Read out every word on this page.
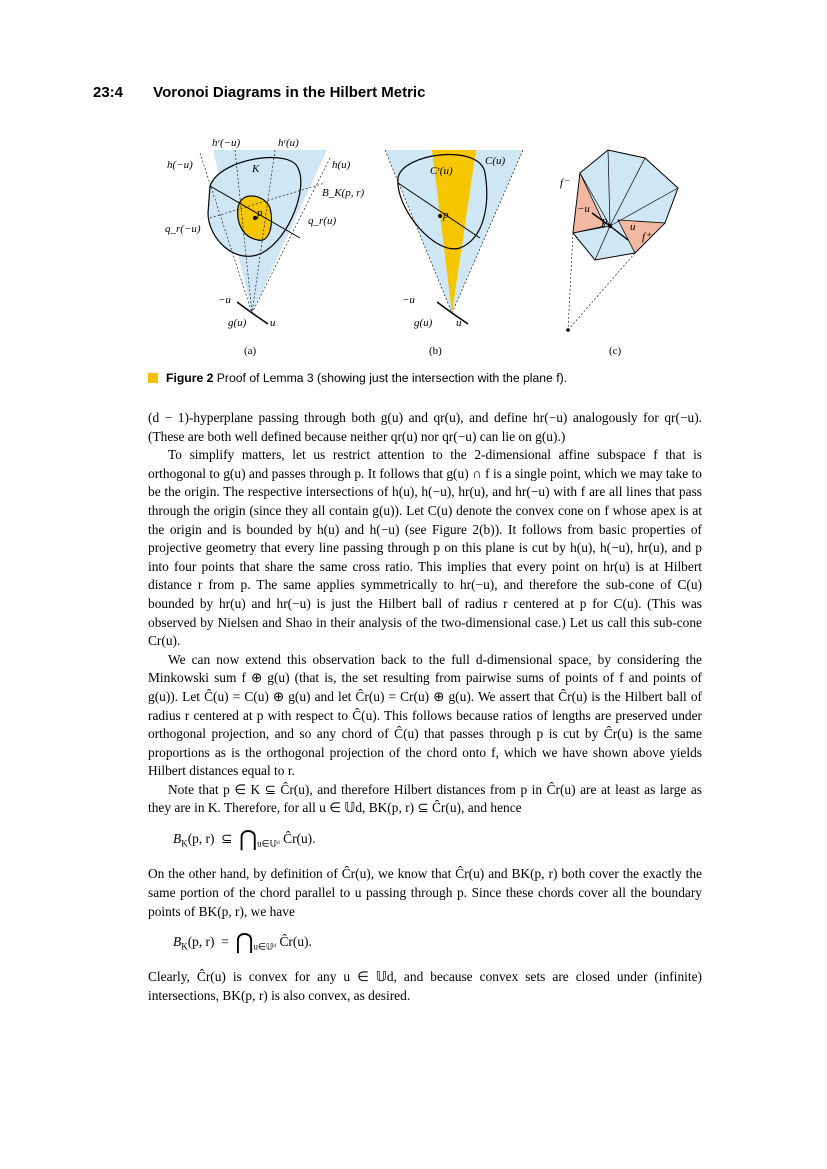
23:4 Voronoi Diagrams in the Hilbert Metric
hʳ(−u)	hʳ(u)
h(−u)	h(u)
K
B_K(p, r)
p
q_r(u)
q_r(−u)
−u
g(u) u
(a)
Cʳ(u)
C(u)
p
−u
g(u) u
(b)
f⁻
f⁺
−u
p u
(c)
Figure 2 Proof of Lemma 3 (showing just the intersection with the plane f).

(d − 1)-hyperplane passing through both g(u) and qr(u), and define hr(−u) analogously for qr(−u). (These are both well defined because neither qr(u) nor qr(−u) can lie on g(u).)

To simplify matters, let us restrict attention to the 2-dimensional affine subspace f that is orthogonal to g(u) and passes through p. It follows that g(u) ∩ f is a single point, which we may take to be the origin. The respective intersections of h(u), h(−u), hr(u), and hr(−u) with f are all lines that pass through the origin (since they all contain g(u)). Let C(u) denote the convex cone on f whose apex is at the origin and is bounded by h(u) and h(−u) (see Figure 2(b)). It follows from basic properties of projective geometry that every line passing through p on this plane is cut by h(u), h(−u), hr(u), and p into four points that share the same cross ratio. This implies that every point on hr(u) is at Hilbert distance r from p. The same applies symmetrically to hr(−u), and therefore the sub-cone of C(u) bounded by hr(u) and hr(−u) is just the Hilbert ball of radius r centered at p for C(u). (This was observed by Nielsen and Shao in their analysis of the two-dimensional case.) Let us call this sub-cone Cr(u).

We can now extend this observation back to the full d-dimensional space, by considering the Minkowski sum f ⊕ g(u) (that is, the set resulting from pairwise sums of points of f and points of g(u)). Let Ĉ(u) = C(u) ⊕ g(u) and let Ĉr(u) = Cr(u) ⊕ g(u). We assert that Ĉr(u) is the Hilbert ball of radius r centered at p with respect to Ĉ(u). This follows because ratios of lengths are preserved under orthogonal projection, and so any chord of Ĉ(u) that passes through p is cut by Ĉr(u) is the same proportions as is the orthogonal projection of the chord onto f, which we have shown above yields Hilbert distances equal to r.

Note that p ∈ K ⊆ Ĉr(u), and therefore Hilbert distances from p in Ĉr(u) are at least as large as they are in K. Therefore, for all u ∈ 𝕌d, BK(p, r) ⊆ Ĉr(u), and hence

$B_K(p$, r) ⊆ $⋂_{u\in 𝕌ᵈ}$ Ĉr(u).

On the other hand, by definition of Ĉr(u), we know that Ĉr(u) and BK(p, r) both cover the exactly the same portion of the chord parallel to u passing through p. Since these chords cover all the boundary points of BK(p, r), we have

$B_K(p$, $r) = ⋂_{u\in 𝕌ᵈ}$ Ĉr(u).

Clearly, Ĉr(u) is convex for any u ∈ 𝕌d, and because convex sets are closed under (infinite) intersections, BK(p, r) is also convex, as desired.
